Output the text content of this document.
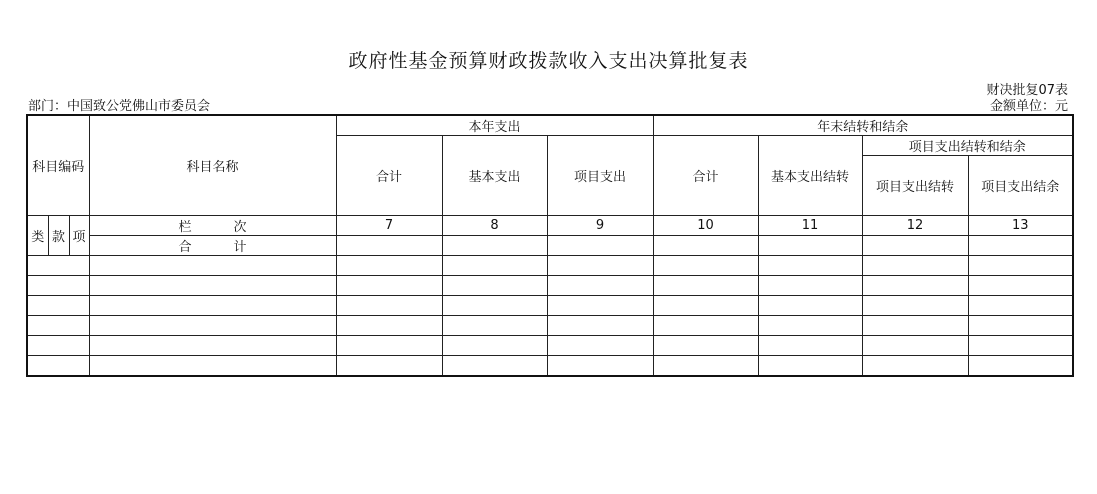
政府性基金预算财政拨款收入支出决算批复表
财决批复07表
部门：中国致公党佛山市委员会	金额单位：元
科目编码			科目名称	本年支出			年末结转和结余			
				合计	基本支出	项目支出	合计	基本支出结转	项目支出结转和结余	
									项目支出结转	项目支出结余
类	款	项	栏 次	7	8	9	10	11	12	13
			合 计							
